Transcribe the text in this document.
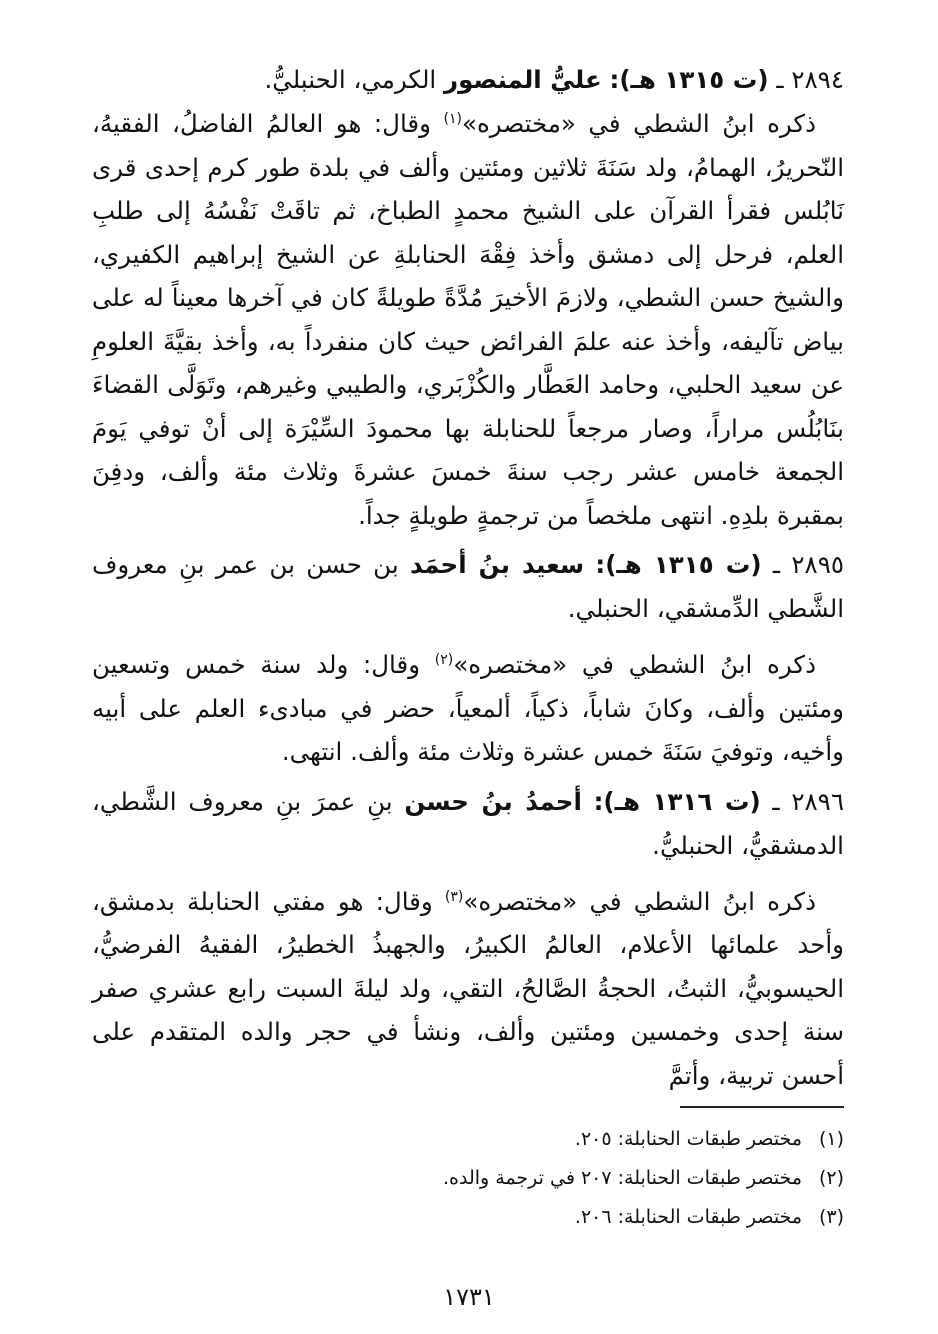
٢٨٩٤ ـ (ت ١٣١٥ هـ): عليُّ المنصور الكرمي، الحنبليُّ.

ذكره ابنُ الشطي في «مختصره»$^{(١)}$ وقال: هو العالمُ الفاضلُ، الفقيهُ، النّحريرُ، الهمامُ، ولد سَنَةَ ثلاثين ومئتين وألف في بلدة طور كرم إحدى قرى نَابُلس فقرأ القرآن على الشيخ محمدٍ الطباخ، ثم تاقَتْ نَفْسُهُ إلى طلبِ العلم، فرحل إلى دمشق وأخذ فِقْهَ الحنابلةِ عن الشيخ إبراهيم الكفيري، والشيخ حسن الشطي، ولازمَ الأخيرَ مُدَّةً طويلةً كان في آخرها معيناً له على بياض تآليفه، وأخذ عنه علمَ الفرائض حيث كان منفرداً به، وأخذ بقيَّةَ العلومِ عن سعيد الحلبي، وحامد العَطَّار والكُزْبَري، والطيبي وغيرهم، وتَوَلَّى القضاءَ بنَابُلُس مراراً، وصار مرجعاً للحنابلة بها محمودَ السِّيْرَة إلى أنْ توفي يَومَ الجمعة خامس عشر رجب سنةَ خمسَ عشرةَ وثلاث مئة وألف، ودفِنَ بمقبرة بلدِهِ. انتهى ملخصاً من ترجمةٍ طويلةٍ جداً.

٢٨٩٥ ـ (ت ١٣١٥ هـ): سعيد بنُ أحمَد بن حسن بن عمر بنِ معروف الشَّطي الدِّمشقي، الحنبلي.

ذكره ابنُ الشطي في «مختصره»$^{(٢)}$ وقال: ولد سنة خمس وتسعين ومئتين وألف، وكانَ شاباً، ذكياً، ألمعياً، حضر في مبادىء العلم على أبيه وأخيه، وتوفيَ سَنَةَ خمس عشرة وثلاث مئة وألف. انتهى.

٢٨٩٦ ـ (ت ١٣١٦ هـ): أحمدُ بنُ حسن بنِ عمرَ بنِ معروف الشَّطي، الدمشقيُّ، الحنبليُّ.

ذكره ابنُ الشطي في «مختصره»$^{(٣)}$ وقال: هو مفتي الحنابلة بدمشق، وأحد علمائها الأعلام، العالمُ الكبيرُ، والجهبذُ الخطيرُ، الفقيهُ الفرضيُّ، الحيسوبيُّ، الثبتُ، الحجةُ الصَّالحُ، التقي، ولد ليلةَ السبت رابع عشري صفر سنة إحدى وخمسين ومئتين وألف، ونشأ في حجر والده المتقدم على أحسن تربية، وأتمَّ

(١)مختصر طبقات الحنابلة: ٢٠٥.

(٢)مختصر طبقات الحنابلة: ٢٠٧ في ترجمة والده.

(٣)مختصر طبقات الحنابلة: ٢٠٦.

١٧٣١
